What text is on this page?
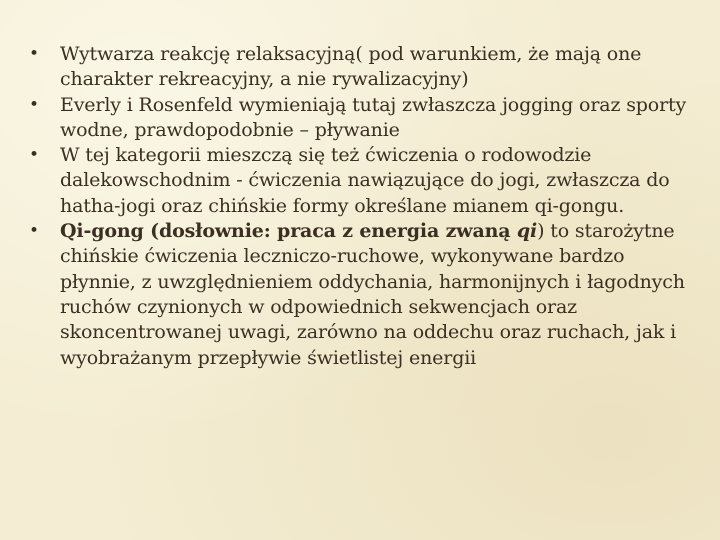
• Wytwarza reakcję relaksacyjną( pod warunkiem, że mają one charakter rekreacyjny, a nie rywalizacyjny)
• Everly i Rosenfeld wymieniają tutaj zwłaszcza jogging oraz sporty wodne, prawdopodobnie – pływanie
• W tej kategorii mieszczą się też ćwiczenia o rodowodzie dalekowschodnim - ćwiczenia nawiązujące do jogi, zwłaszcza do hatha-jogi oraz chińskie formy określane mianem qi-gongu.
• Qi-gong (dosłownie: praca z energia zwaną qi) to starożytne chińskie ćwiczenia leczniczo-ruchowe, wykonywane bardzo płynnie, z uwzględnieniem oddychania, harmonijnych i łagodnych ruchów czynionych w odpowiednich sekwencjach oraz skoncentrowanej uwagi, zarówno na oddechu oraz ruchach, jak i wyobrażanym przepływie świetlistej energii
